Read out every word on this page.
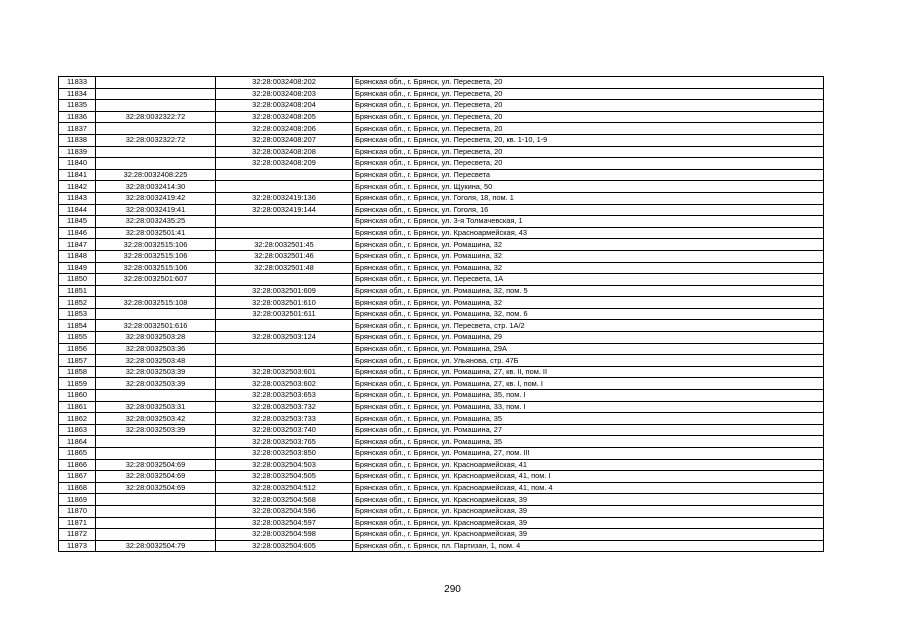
11833		32:28:0032408:202	Брянская обл., г. Брянск, ул. Пересвета, 20
11834		32:28:0032408:203	Брянская обл., г. Брянск, ул. Пересвета, 20
11835		32:28:0032408:204	Брянская обл., г. Брянск, ул. Пересвета, 20
11836	32:28:0032322:72	32:28:0032408:205	Брянская обл., г. Брянск, ул. Пересвета, 20
11837		32:28:0032408:206	Брянская обл., г. Брянск, ул. Пересвета, 20
11838	32:28:0032322:72	32:28:0032408:207	Брянская обл., г. Брянск, ул. Пересвета, 20, кв. 1-10, 1-9
11839		32:28:0032408:208	Брянская обл., г. Брянск, ул. Пересвета, 20
11840		32:28:0032408:209	Брянская обл., г. Брянск, ул. Пересвета, 20
11841	32:28:0032408:225		Брянская обл., г. Брянск, ул. Пересвета
11842	32:28:0032414:30		Брянская обл., г. Брянск, ул. Щукина, 50
11843	32:28:0032419:42	32:28:0032419:136	Брянская обл., г. Брянск, ул. Гоголя, 18, пом. 1
11844	32:28:0032419:41	32:28:0032419:144	Брянская обл., г. Брянск, ул. Гоголя, 16
11845	32:28:0032435:25		Брянская обл., г. Брянск, ул. 3-я Толмачевская, 1
11846	32:28:0032501:41		Брянская обл., г. Брянск, ул. Красноармейская, 43
11847	32:28:0032515:106	32:28:0032501:45	Брянская обл., г. Брянск, ул. Ромашина, 32
11848	32:28:0032515:106	32:28:0032501:46	Брянская обл., г. Брянск, ул. Ромашина, 32
11849	32:28:0032515:106	32:28:0032501:48	Брянская обл., г. Брянск, ул. Ромашина, 32
11850	32:28:0032501:607		Брянская обл., г. Брянск, ул. Пересвета, 1А
11851		32:28:0032501:609	Брянская обл., г. Брянск, ул. Ромашина, 32, пом. 5
11852	32:28:0032515:108	32:28:0032501:610	Брянская обл., г. Брянск, ул. Ромашина, 32
11853		32:28:0032501:611	Брянская обл., г. Брянск, ул. Ромашина, 32, пом. 6
11854	32:28:0032501:616		Брянская обл., г. Брянск, ул. Пересвета, стр. 1А/2
11855	32:28:0032503:28	32:28:0032503:124	Брянская обл., г. Брянск, ул. Ромашина, 29
11856	32:28:0032503:36		Брянская обл., г. Брянск, ул. Ромашина, 29А
11857	32:28:0032503:48		Брянская обл., г. Брянск, ул. Ульянова, стр. 47Б
11858	32:28:0032503:39	32:28:0032503:601	Брянская обл., г. Брянск, ул. Ромашина, 27, кв. II, пом. II
11859	32:28:0032503:39	32:28:0032503:602	Брянская обл., г. Брянск, ул. Ромашина, 27, кв. I, пом. I
11860		32:28:0032503:653	Брянская обл., г. Брянск, ул. Ромашина, 35, пом. I
11861	32:28:0032503:31	32:28:0032503:732	Брянская обл., г. Брянск, ул. Ромашина, 33, пом. I
11862	32:28:0032503:42	32:28:0032503:733	Брянская обл., г. Брянск, ул. Ромашина, 35
11863	32:28:0032503:39	32:28:0032503:740	Брянская обл., г. Брянск, ул. Ромашина, 27
11864		32:28:0032503:765	Брянская обл., г. Брянск, ул. Ромашина, 35
11865		32:28:0032503:850	Брянская обл., г. Брянск, ул. Ромашина, 27, пом. III
11866	32:28:0032504:69	32:28:0032504:503	Брянская обл., г. Брянск, ул. Красноармейская, 41
11867	32:28:0032504:69	32:28:0032504:505	Брянская обл., г. Брянск, ул. Красноармейская, 41, пом. I
11868	32:28:0032504:69	32:28:0032504:512	Брянская обл., г. Брянск, ул. Красноармейская, 41, пом. 4
11869		32:28:0032504:568	Брянская обл., г. Брянск, ул. Красноармейская, 39
11870		32:28:0032504:596	Брянская обл., г. Брянск, ул. Красноармейская, 39
11871		32:28:0032504:597	Брянская обл., г. Брянск, ул. Красноармейская, 39
11872		32:28:0032504:598	Брянская обл., г. Брянск, ул. Красноармейская, 39
11873	32:28:0032504:79	32:28:0032504:605	Брянская обл., г. Брянск, пл. Партизан, 1, пом. 4
290
